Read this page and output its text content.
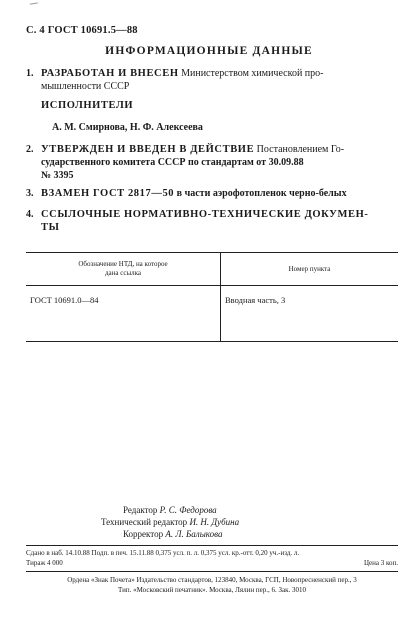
С. 4 ГОСТ 10691.5—88
ИНФОРМАЦИОННЫЕ ДАННЫЕ
1. РАЗРАБОТАН И ВНЕСЕН Министерством химической про-
мышленности СССР
ИСПОЛНИТЕЛИ
А. М. Смирнова, Н. Ф. Алексеева
2. УТВЕРЖДЕН И ВВЕДЕН В ДЕЙСТВИЕ Постановлением Го-
сударственного комитета СССР по стандартам от 30.09.88
№ 3395
3. ВЗАМЕН ГОСТ 2817—50 в части аэрофотопленок черно-белых
4. ССЫЛОЧНЫЕ НОРМАТИВНО-ТЕХНИЧЕСКИЕ ДОКУМЕН-
ТЫ
Обозначение НТД, на которое
дана ссылка	Номер пункта
ГОСТ 10691.0—84	Вводная часть, 3
Редактор Р. С. Федорова
Технический редактор И. Н. Дубина
Корректор А. Л. Балыкова
Сдано в наб. 14.10.88 Подп. в печ. 15.11.88 0,375 усл. п. л. 0,375 усл. кр.-отт. 0,20 уч.-изд. л.
Тираж 4 000	Цена 3 коп.
Ордена «Знак Почета» Издательство стандартов, 123840, Москва, ГСП, Новопресненский пер., 3
Тип. «Московский печатник». Москва, Лялин пер., 6. Зак. 3010
